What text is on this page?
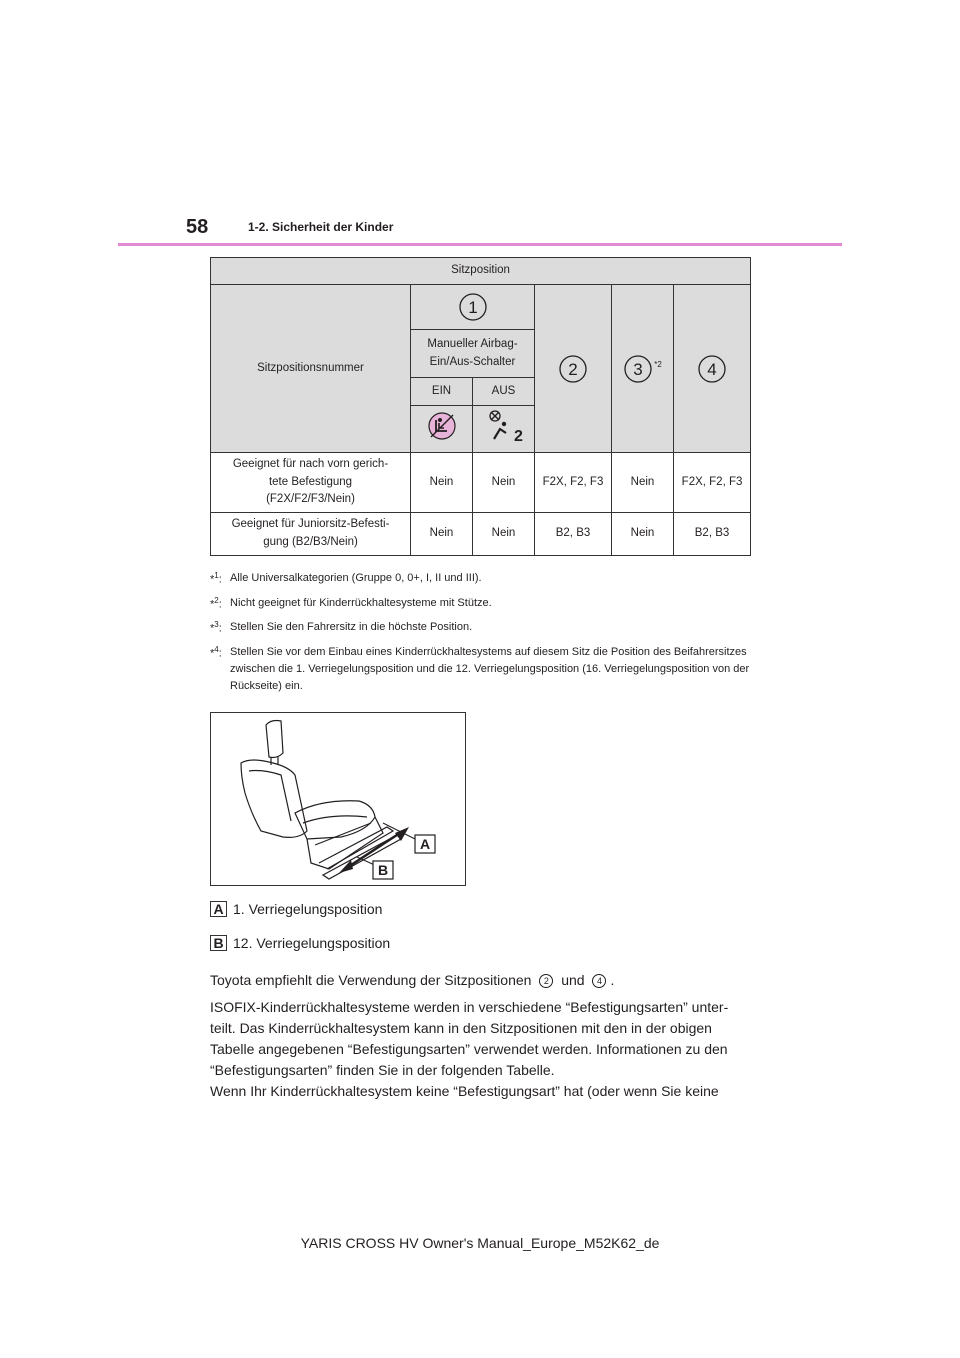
58	1-2. Sicherheit der Kinder
Sitzposition					
Sitzpositionsnummer	1		2	3 $^{*2}$	4

	Manueller Airbag-
Ein/Aus-Schalter				

	EIN	AUS			

2			

Geeignet für nach vorn gerich-
tete Befestigung
(F2X/F2/F3/Nein)	Nein	Nein	F2X, F2, F3	Nein	F2X, F2, F3

Geeignet für Juniorsitz-Befesti-
gung (B2/B3/Nein)	Nein	Nein	B2, B3	Nein	B2, B3
*$^1$: Alle Universalkategorien (Gruppe 0, 0+, I, II und III).
*$^2$: Nicht geeignet für Kinderrückhaltesysteme mit Stütze.
*$^3$: Stellen Sie den Fahrersitz in die höchste Position.
*$^4$: Stellen Sie vor dem Einbau eines Kinderrückhaltesystems auf diesem Sitz die Position des Beifahrersitzes zwischen die 1. Verriegelungsposition und die 12. Verriegelungsposition (16. Verriegelungsposition von der Rückseite) ein.
A
B
A 1. Verriegelungsposition
B 12. Verriegelungsposition
Toyota empfiehlt die Verwendung der Sitzpositionen 2 und 4 .
ISOFIX-Kinderrückhaltesysteme werden in verschiedene “Befestigungsarten” unter-
teilt. Das Kinderrückhaltesystem kann in den Sitzpositionen mit den in der obigen
Tabelle angegebenen “Befestigungsarten” verwendet werden. Informationen zu den
“Befestigungsarten” finden Sie in der folgenden Tabelle.
Wenn Ihr Kinderrückhaltesystem keine “Befestigungsart” hat (oder wenn Sie keine
YARIS CROSS HV Owner's Manual_Europe_M52K62_de
